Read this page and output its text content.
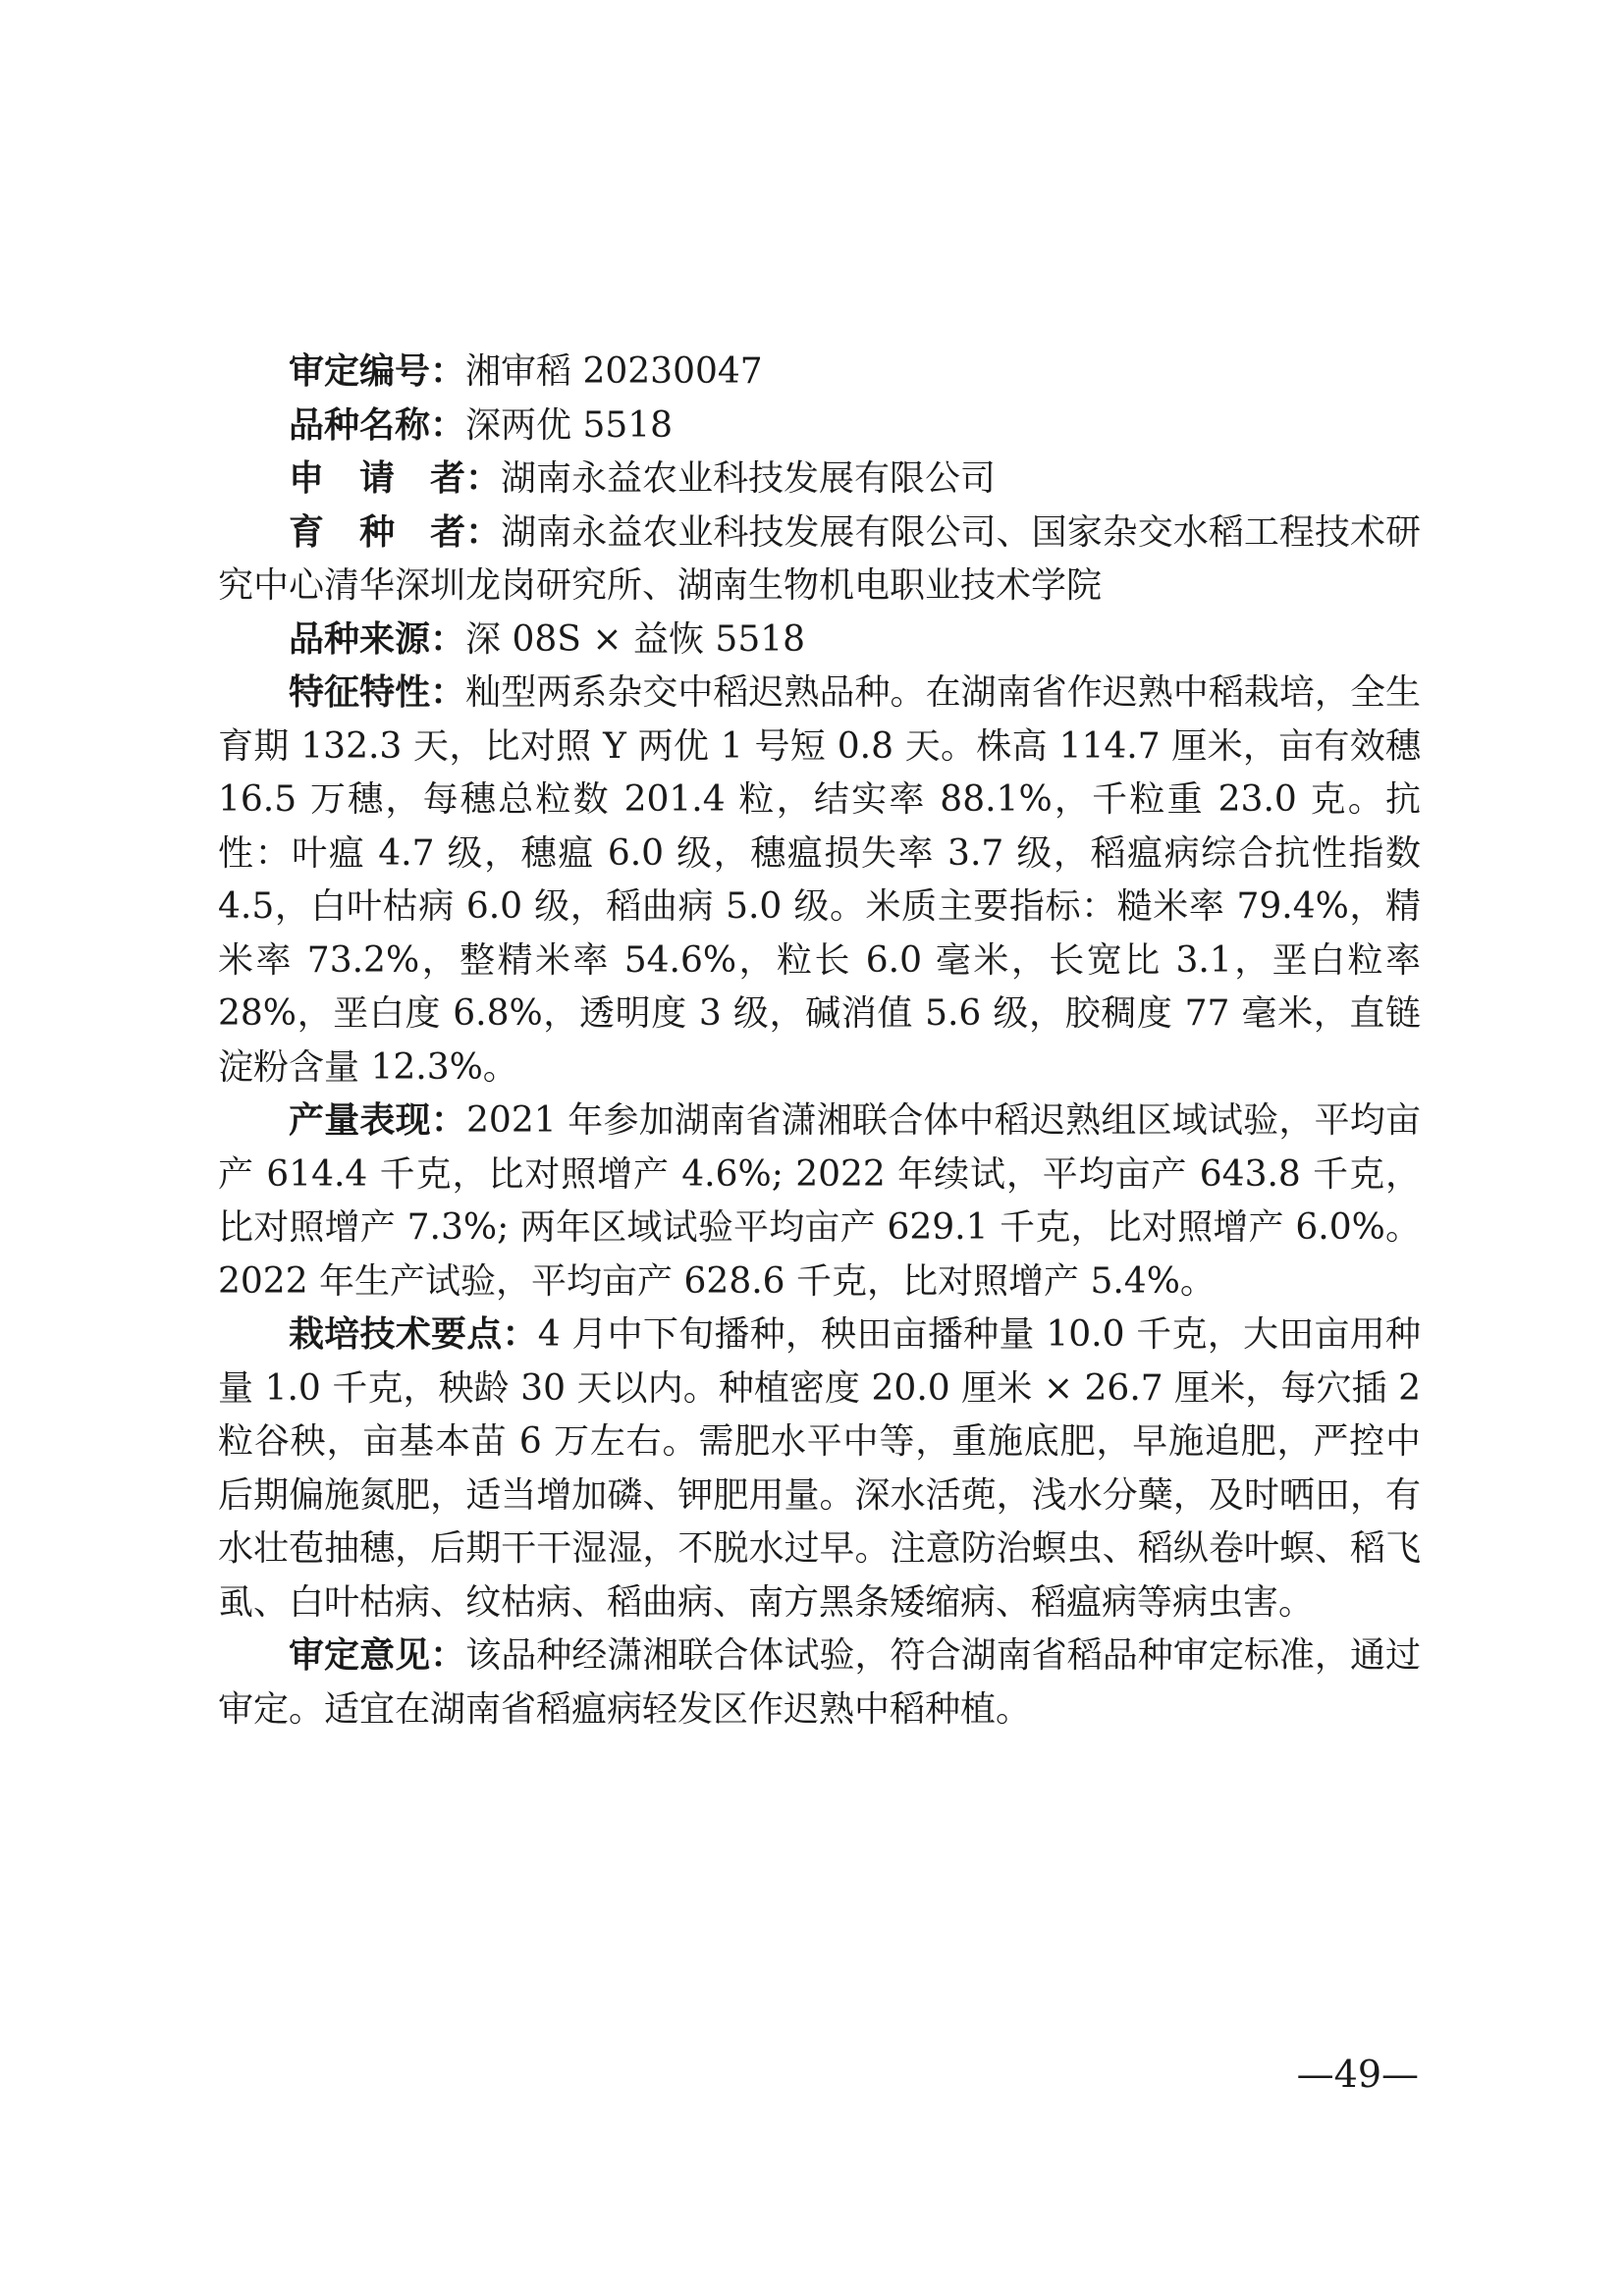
审定编号：湘审稻 20230047

品种名称：深两优 5518

申　请　者：湖南永益农业科技发展有限公司

育　种　者：湖南永益农业科技发展有限公司、国家杂交水稻工程技术研究中心清华深圳龙岗研究所、湖南生物机电职业技术学院

品种来源：深 08S × 益恢 5518

特征特性：籼型两系杂交中稻迟熟品种。在湖南省作迟熟中稻栽培，全生育期 132.3 天，比对照 Y 两优 1 号短 0.8 天。株高 114.7 厘米，亩有效穗 16.5 万穗，每穗总粒数 201.4 粒，结实率 88.1%，千粒重 23.0 克。抗性：叶瘟 4.7 级，穗瘟 6.0 级，穗瘟损失率 3.7 级，稻瘟病综合抗性指数 4.5，白叶枯病 6.0 级，稻曲病 5.0 级。米质主要指标：糙米率 79.4%，精米率 73.2%，整精米率 54.6%，粒长 6.0 毫米，长宽比 3.1，垩白粒率 28%，垩白度 6.8%，透明度 3 级，碱消值 5.6 级，胶稠度 77 毫米，直链淀粉含量 12.3%。

产量表现：2021 年参加湖南省潇湘联合体中稻迟熟组区域试验，平均亩产 614.4 千克，比对照增产 4.6%; 2022 年续试，平均亩产 643.8 千克，比对照增产 7.3%; 两年区域试验平均亩产 629.1 千克，比对照增产 6.0%。2022 年生产试验，平均亩产 628.6 千克，比对照增产 5.4%。

栽培技术要点：4 月中下旬播种，秧田亩播种量 10.0 千克，大田亩用种量 1.0 千克，秧龄 30 天以内。种植密度 20.0 厘米 × 26.7 厘米，每穴插 2 粒谷秧，亩基本苗 6 万左右。需肥水平中等，重施底肥，早施追肥，严控中后期偏施氮肥，适当增加磷、钾肥用量。深水活蔸，浅水分蘖，及时晒田，有水壮苞抽穗，后期干干湿湿，不脱水过早。注意防治螟虫、稻纵卷叶螟、稻飞虱、白叶枯病、纹枯病、稻曲病、南方黑条矮缩病、稻瘟病等病虫害。

审定意见：该品种经潇湘联合体试验，符合湖南省稻品种审定标准，通过审定。适宜在湖南省稻瘟病轻发区作迟熟中稻种植。

—49—
